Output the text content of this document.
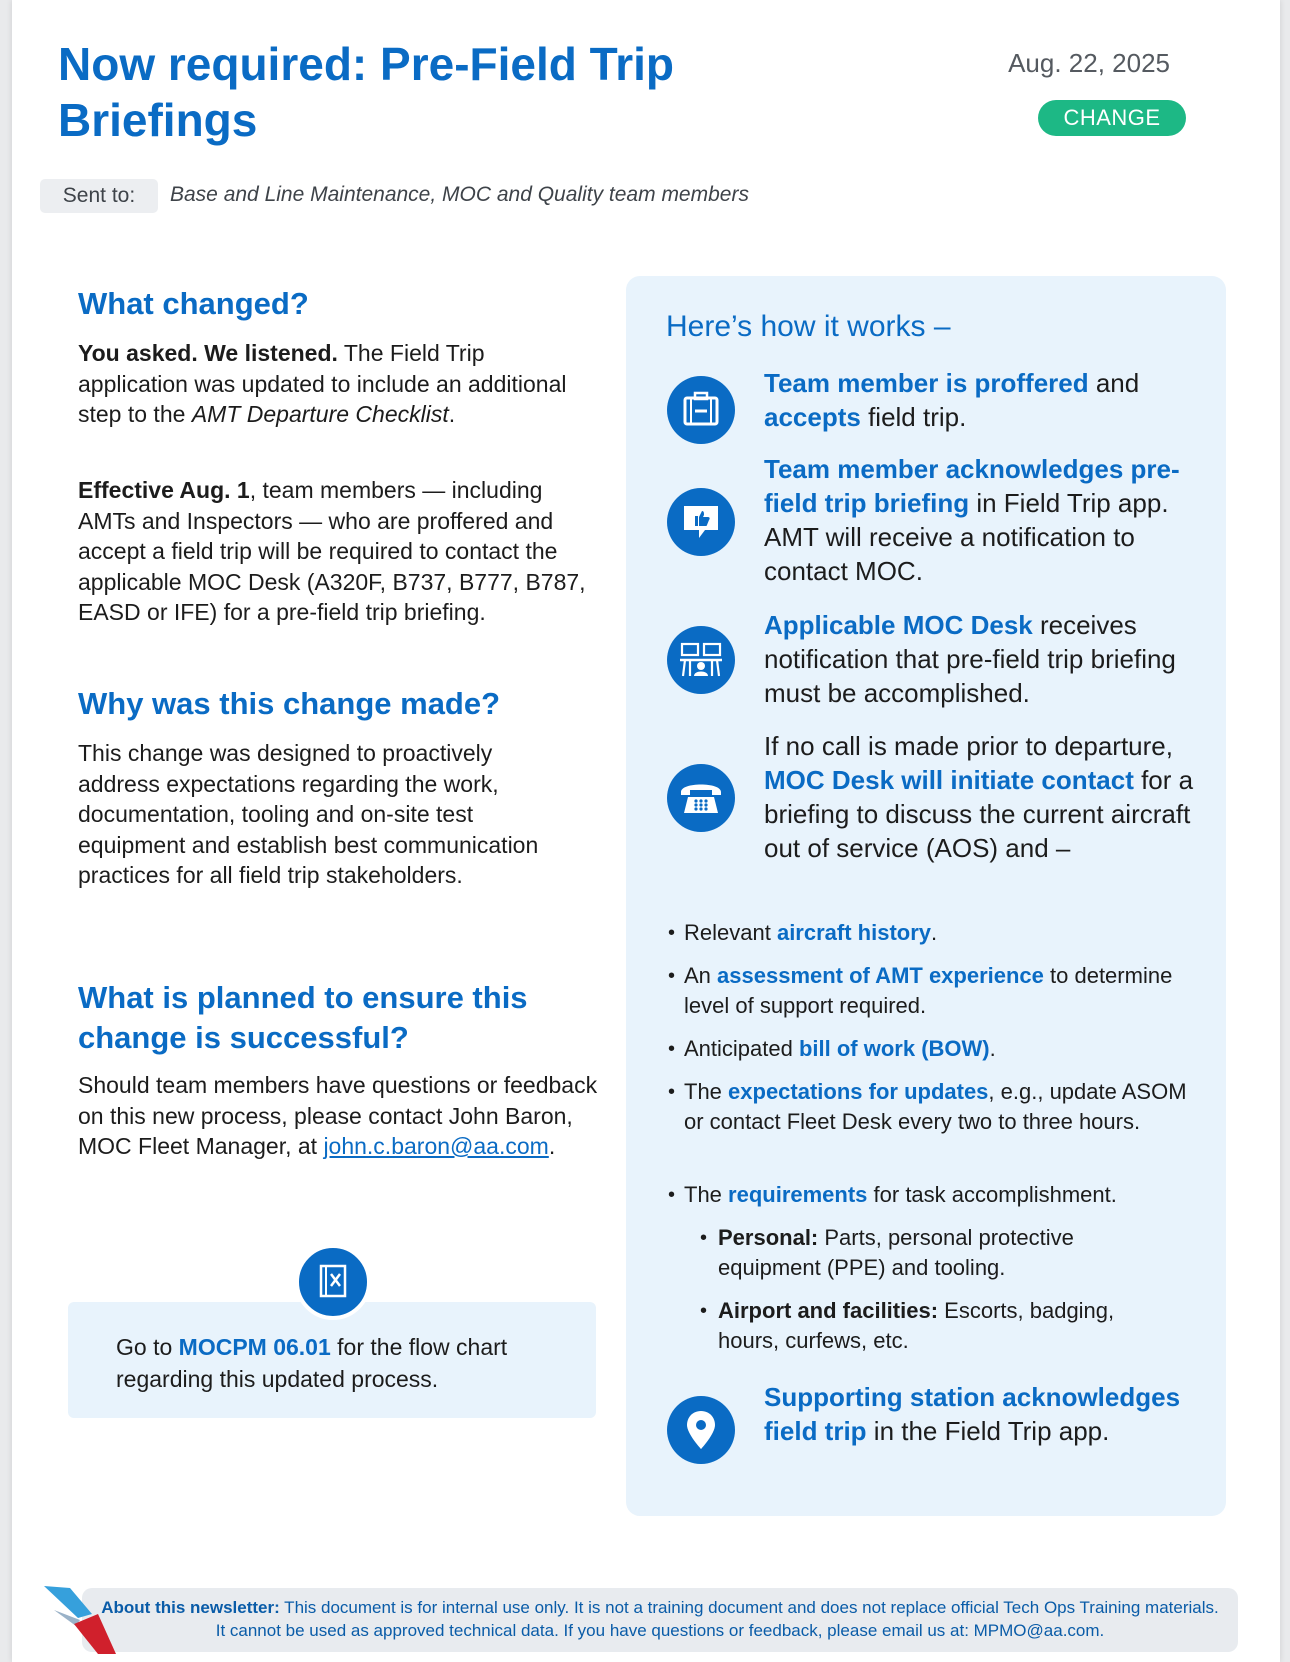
Now required: Pre-Field Trip Briefings
Aug. 22, 2025
CHANGE
Sent to:	Base and Line Maintenance, MOC and Quality team members
What changed?
You asked. We listened. The Field Trip application was updated to include an additional step to the AMT Departure Checklist.
Effective Aug. 1, team members — including AMTs and Inspectors — who are proffered and accept a field trip will be required to contact the applicable MOC Desk (A320F, B737, B777, B787, EASD or IFE) for a pre-field trip briefing.
Why was this change made?
This change was designed to proactively address expectations regarding the work, documentation, tooling and on-site test equipment and establish best communication practices for all field trip stakeholders.
What is planned to ensure this change is successful?
Should team members have questions or feedback on this new process, please contact John Baron, MOC Fleet Manager, at john.c.baron@aa.com.
Go to MOCPM 06.01 for the flow chart regarding this updated process.
Here’s how it works –
Team member is proffered and accepts field trip.
Team member acknowledges pre-field trip briefing in Field Trip app. AMT will receive a notification to contact MOC.
Applicable MOC Desk receives notification that pre-field trip briefing must be accomplished.
If no call is made prior to departure, MOC Desk will initiate contact for a briefing to discuss the current aircraft out of service (AOS) and –
• Relevant aircraft history.
• An assessment of AMT experience to determine level of support required.
• Anticipated bill of work (BOW).
• The expectations for updates, e.g., update ASOM or contact Fleet Desk every two to three hours.
• The requirements for task accomplishment.
• Personal: Parts, personal protective equipment (PPE) and tooling.
• Airport and facilities: Escorts, badging, hours, curfews, etc.
Supporting station acknowledges field trip in the Field Trip app.
About this newsletter: This document is for internal use only. It is not a training document and does not replace official Tech Ops Training materials. It cannot be used as approved technical data. If you have questions or feedback, please email us at: MPMO@aa.com.
